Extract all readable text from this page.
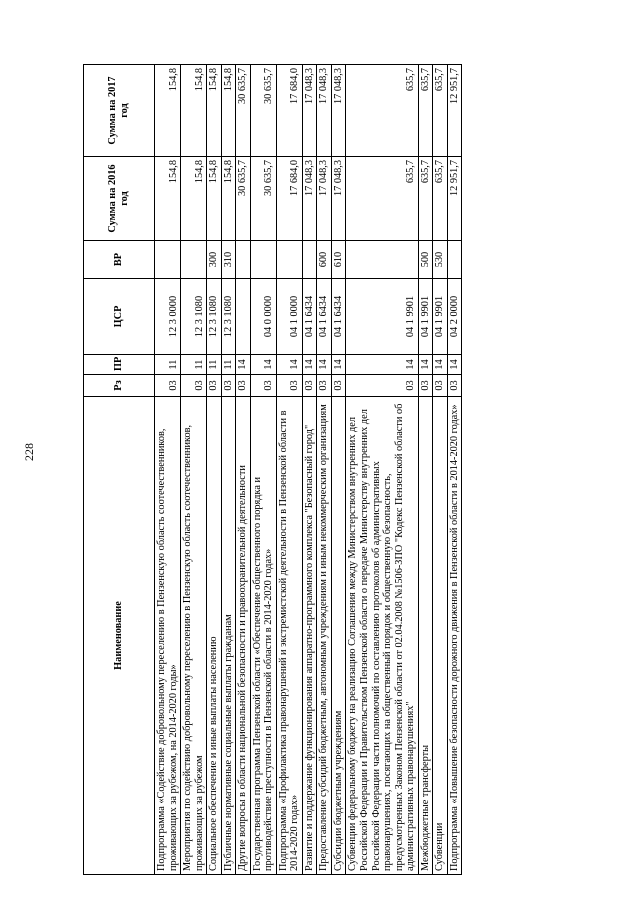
228
Наименование	Рз	ПР	ЦСР	ВР	Сумма на 2016 год	Сумма на 2017 год
Подпрограмма «Содействие добровольному переселению в Пензенскую область соотечественников, проживающих за рубежом, на 2014-2020 годы»	03	11	12 3 0000		154,8	154,8
Мероприятия по содействию добровольному переселению в Пензенскую область соотечественников, проживающих за рубежом	03	11	12 3 1080		154,8	154,8
Социальное обеспечение и иные выплаты населению	03	11	12 3 1080	300	154,8	154,8
Публичные нормативные социальные выплаты гражданам	03	11	12 3 1080	310	154,8	154,8
Другие вопросы в области национальной безопасности и правоохранительной деятельности	03	14			30 635,7	30 635,7
Государственная программа Пензенской области «Обеспечение общественного порядка и противодействие преступности в Пензенской области в 2014-2020 годах»	03	14	04 0 0000		30 635,7	30 635,7
Подпрограмма «Профилактика правонарушений и экстремистской деятельности в Пензенской области в 2014-2020 годах»	03	14	04 1 0000		17 684,0	17 684,0
Развитие и поддержание функционирования аппаратно-программного комплекса "Безопасный город"	03	14	04 1 6434		17 048,3	17 048,3
Предоставление субсидий бюджетным, автономным учреждениям и иным некоммерческим организациям	03	14	04 1 6434	600	17 048,3	17 048,3
Субсидии бюджетным учреждениям	03	14	04 1 6434	610	17 048,3	17 048,3
Субвенции федеральному бюджету на реализацию Соглашения между Министерством внутренних дел Российской Федерации и Правительством Пензенской области о передаче Министерству внутренних дел Российской Федерации части полномочий по составлению протоколов об административных правонарушениях, посягающих на общественный порядок и общественную безопасность, предусмотренных Законом Пензенской области от 02.04.2008 №1506-ЗПО "Кодекс Пензенской области об административных правонарушениях"	03	14	04 1 9901		635,7	635,7
Межбюджетные трансферты	03	14	04 1 9901	500	635,7	635,7
Субвенции	03	14	04 1 9901	530	635,7	635,7
Подпрограмма «Повышение безопасности дорожного движения в Пензенской области в 2014-2020 годах»	03	14	04 2 0000		12 951,7	12 951,7
